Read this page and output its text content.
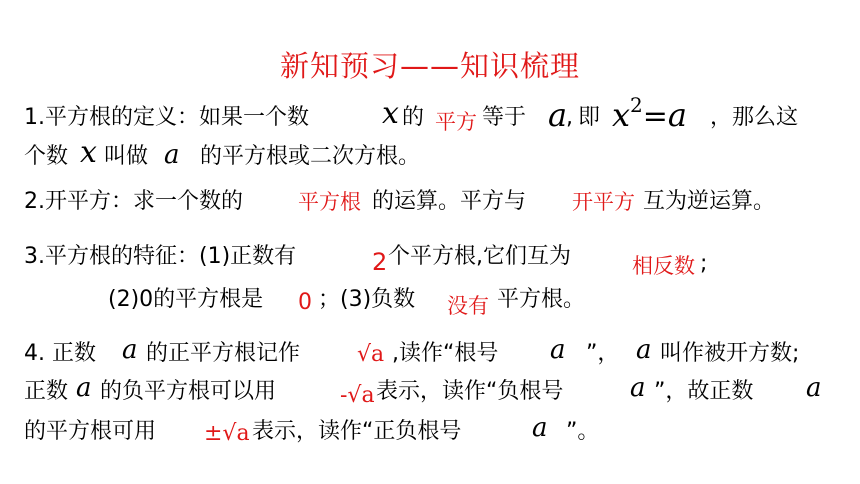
新知预习——知识梳理
1.平方根的定义：如果一个数 x 的 平方 等于 a
, 即 x2=a ，那么这
个数 x 叫做 a 的平方根或二次方根。
2.开平方：求一个数的	平方根 的运算。平方与 开平方 互为逆运算。
3.平方根的特征：(1)正数有	2 个平方根,它们互为	相反数 ;
(2)0的平方根是 0 ；(3)负数 没有 平方根。
4. 正数 a 的正平方根记作	√a ,读作“根号 a ”， a 叫作被开方数;
正数 a 的负平方根可以用	-√a 表示，读作“负根号	a ”，故正数 a
的平方根可用 ±√a 表示，读作“正负根号	a ”。
